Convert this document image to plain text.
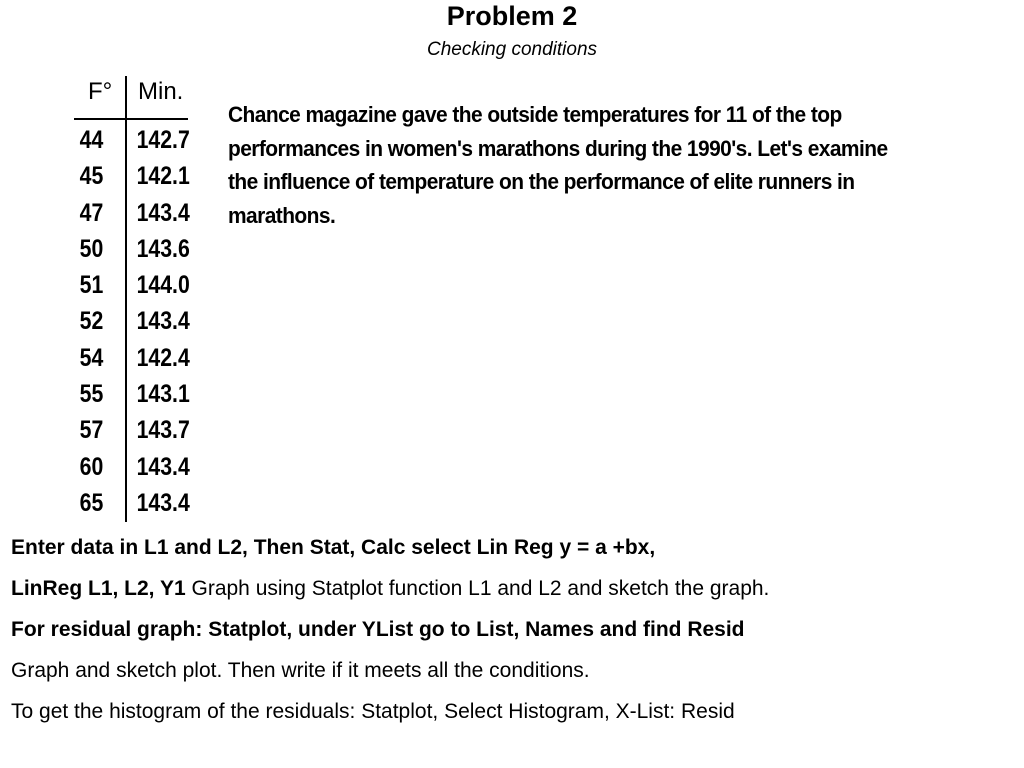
Problem 2
Checking conditions
F° Min.
44 142.7
45 142.1
47 143.4
50 143.6
51 144.0
52 143.4
54 142.4
55 143.1
57 143.7
60 143.4
65 143.4
Chance magazine gave the outside temperatures for 11 of the top performances in women's marathons during the 1990's. Let's examine the influence of temperature on the performance of elite runners in marathons.
Enter data in L1 and L2, Then Stat, Calc select Lin Reg y = a +bx,
LinReg L1, L2, Y1 Graph using Statplot function L1 and L2 and sketch the graph.
For residual graph: Statplot, under YList go to List, Names and find Resid
Graph and sketch plot. Then write if it meets all the conditions.
To get the histogram of the residuals: Statplot, Select Histogram, X-List: Resid
